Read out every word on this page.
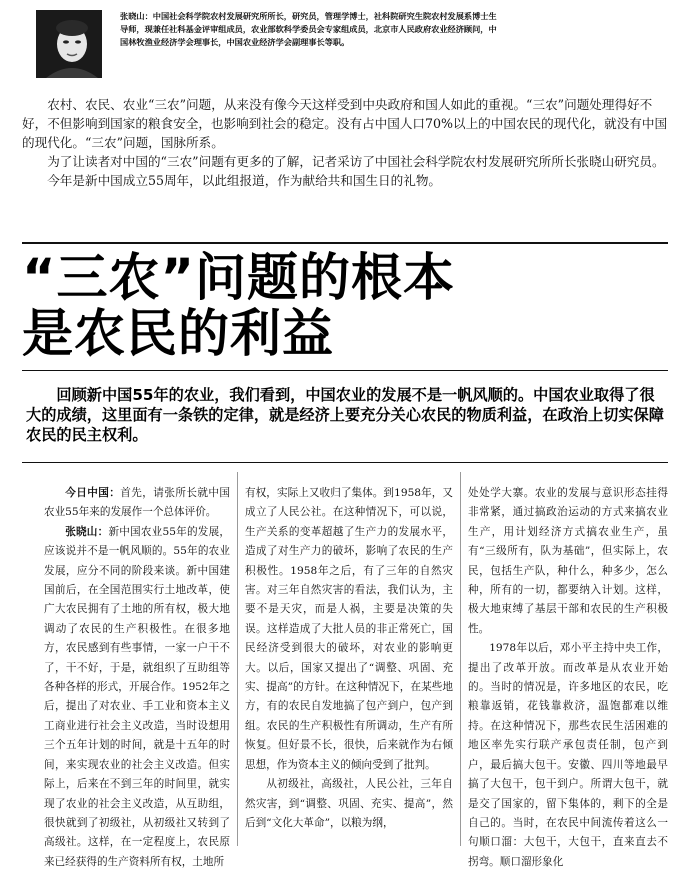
张晓山：中国社会科学院农村发展研究所所长，研究员，管理学博士，社科院研究生院农村发展系博士生导师，现兼任社科基金评审组成员，农业部软科学委员会专家组成员，北京市人民政府农业经济顾问，中国林牧渔业经济学会理事长，中国农业经济学会副理事长等职。

农村、农民、农业“三农”问题，从来没有像今天这样受到中央政府和国人如此的重视。“三农”问题处理得好不好，不但影响到国家的粮食安全，也影响到社会的稳定。没有占中国人口70%以上的中国农民的现代化，就没有中国的现代化。“三农”问题，国脉所系。

为了让读者对中国的“三农”问题有更多的了解，记者采访了中国社会科学院农村发展研究所所长张晓山研究员。

今年是新中国成立55周年，以此组报道，作为献给共和国生日的礼物。

“三农”问题的根本
是农民的利益

回顾新中国55年的农业，我们看到，中国农业的发展不是一帆风顺的。中国农业取得了很大的成绩，这里面有一条铁的定律，就是经济上要充分关心农民的物质利益，在政治上切实保障农民的民主权利。

今日中国：首先，请张所长就中国农业55年来的发展作一个总体评价。

张晓山：新中国农业55年的发展，应该说并不是一帆风顺的。55年的农业发展，应分不同的阶段来谈。新中国建国前后，在全国范围实行土地改革，使广大农民拥有了土地的所有权，极大地调动了农民的生产积极性。在很多地方，农民感到有些事情，一家一户干不了，干不好，于是，就组织了互助组等各种各样的形式，开展合作。1952年之后，提出了对农业、手工业和资本主义工商业进行社会主义改造，当时设想用三个五年计划的时间，就是十五年的时间，来实现农业的社会主义改造。但实际上，后来在不到三年的时间里，就实现了农业的社会主义改造，从互助组，很快就到了初级社，从初级社又转到了高级社。这样，在一定程度上，农民原来已经获得的生产资料所有权，土地所

有权，实际上又收归了集体。到1958年，又成立了人民公社。在这种情况下，可以说，生产关系的变革超越了生产力的发展水平，造成了对生产力的破坏，影响了农民的生产积极性。1958年之后，有了三年的自然灾害。对三年自然灾害的看法，我们认为，主要不是天灾，而是人祸，主要是决策的失误。这样造成了大批人员的非正常死亡，国民经济受到很大的破坏，对农业的影响更大。以后，国家又提出了“调整、巩固、充实、提高”的方针。在这种情况下，在某些地方，有的农民自发地搞了包产到户，包产到组。农民的生产积极性有所调动，生产有所恢复。但好景不长，很快，后来就作为右倾思想，作为资本主义的倾向受到了批判。

从初级社，高级社，人民公社，三年自然灾害，到“调整、巩固、充实、提高”，然后到“文化大革命”，以粮为纲，

处处学大寨。农业的发展与意识形态挂得非常紧，通过搞政治运动的方式来搞农业生产，用计划经济方式搞农业生产，虽有“三级所有，队为基础”，但实际上，农民，包括生产队，种什么，种多少，怎么种，所有的一切，都要纳入计划。这样，极大地束缚了基层干部和农民的生产积极性。

1978年以后，邓小平主持中央工作，提出了改革开放。而改革是从农业开始的。当时的情况是，许多地区的农民，吃粮靠返销，花钱靠救济，温饱都难以维持。在这种情况下，那些农民生活困难的地区率先实行联产承包责任制，包产到户，最后搞大包干。安徽、四川等地最早搞了大包干，包干到户。所谓大包干，就是交了国家的，留下集体的，剩下的全是自己的。当时，在农民中间流传着这么一句顺口溜：大包干，大包干，直来直去不拐弯。顺口溜形象化
